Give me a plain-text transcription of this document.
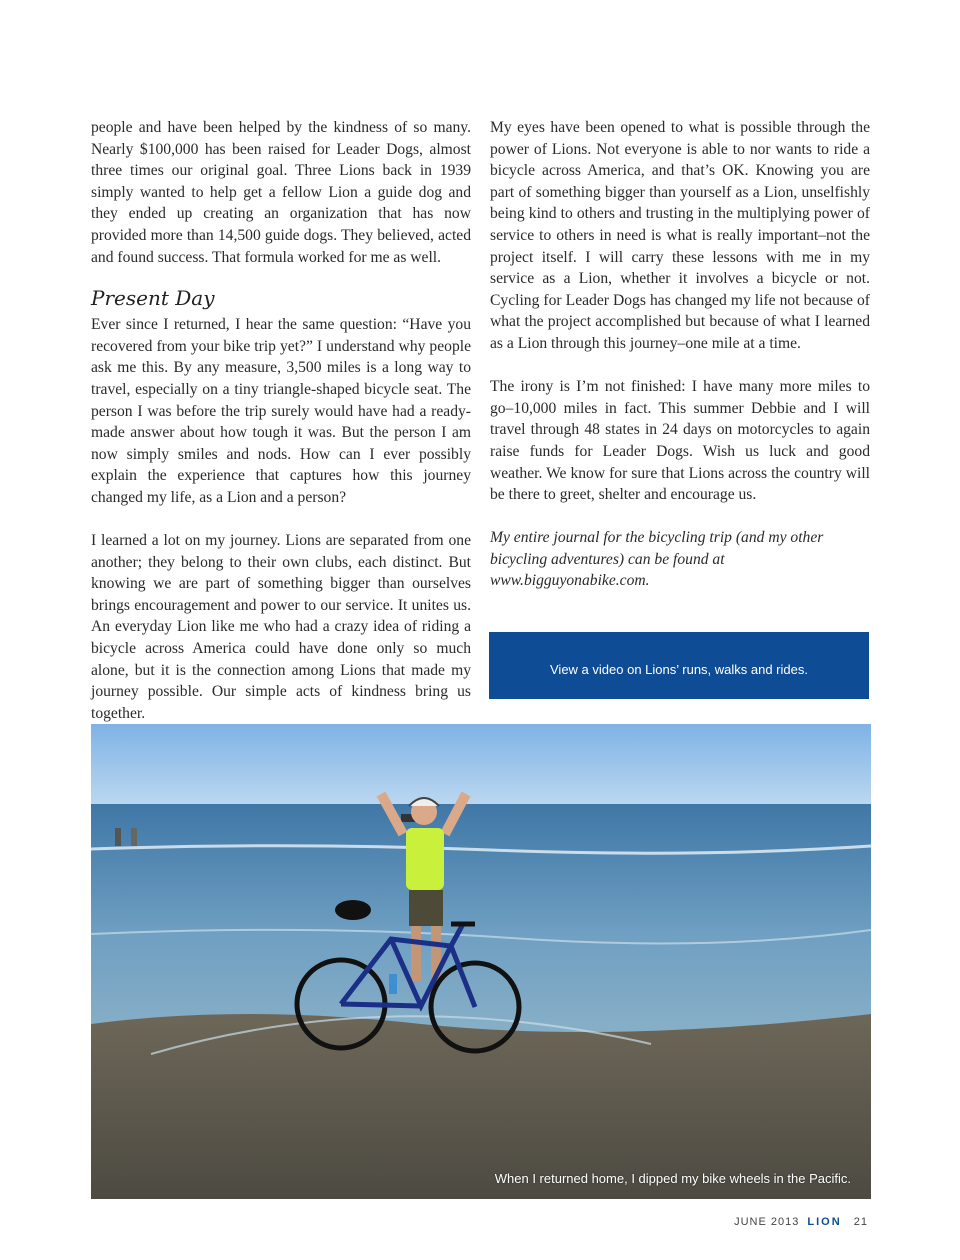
people and have been helped by the kindness of so many. Nearly $100,000 has been raised for Leader Dogs, almost three times our original goal. Three Lions back in 1939 simply wanted to help get a fellow Lion a guide dog and they ended up creating an organization that has now provided more than 14,500 guide dogs. They believed, acted and found success. That formula worked for me as well.

Present Day

Ever since I returned, I hear the same question: “Have you recovered from your bike trip yet?” I understand why people ask me this. By any measure, 3,500 miles is a long way to travel, especially on a tiny triangle-shaped bicycle seat. The person I was before the trip surely would have had a ready-made answer about how tough it was. But the person I am now simply smiles and nods. How can I ever possibly explain the experience that captures how this journey changed my life, as a Lion and a person?

I learned a lot on my journey. Lions are separated from one another; they belong to their own clubs, each distinct. But knowing we are part of something bigger than ourselves brings encouragement and power to our service. It unites us. An everyday Lion like me who had a crazy idea of riding a bicycle across America could have done only so much alone, but it is the connection among Lions that made my journey possible. Our simple acts of kindness bring us together.

My eyes have been opened to what is possible through the power of Lions. Not everyone is able to nor wants to ride a bicycle across America, and that’s OK. Knowing you are part of something bigger than yourself as a Lion, unselfishly being kind to others and trusting in the multiplying power of service to others in need is what is really important–not the project itself. I will carry these lessons with me in my service as a Lion, whether it involves a bicycle or not. Cycling for Leader Dogs has changed my life not because of what the project accomplished but because of what I learned as a Lion through this journey–one mile at a time.

The irony is I’m not finished: I have many more miles to go–10,000 miles in fact. This summer Debbie and I will travel through 48 states in 24 days on motorcycles to again raise funds for Leader Dogs. Wish us luck and good weather. We know for sure that Lions across the country will be there to greet, shelter and encourage us.

My entire journal for the bicycling trip (and my other bicycling adventures) can be found at www.bigguyonabike.com.

View a video on Lions’ runs, walks and rides.
When I returned home, I dipped my bike wheels in the Pacific.
JUNE 2013 LION 21
